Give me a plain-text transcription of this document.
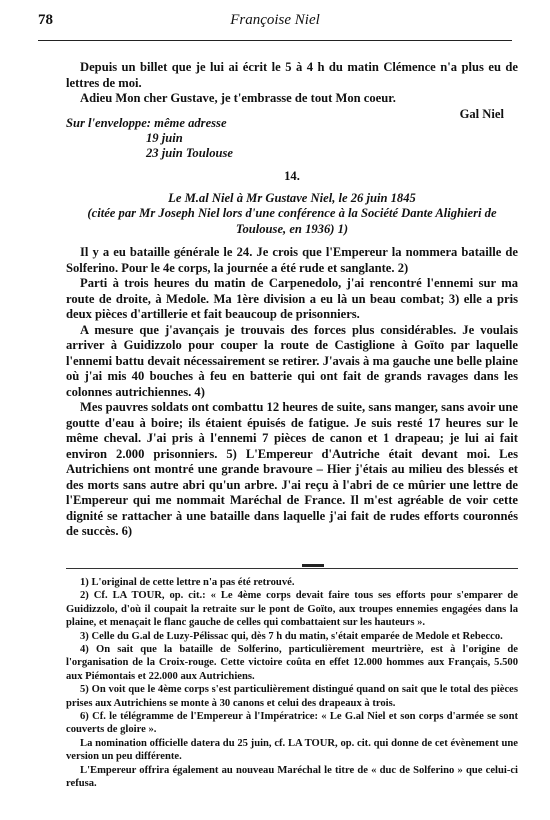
78	Françoise Niel

Depuis un billet que je lui ai écrit le 5 à 4 h du matin Clémence n'a plus eu de lettres de moi.

Adieu Mon cher Gustave, je t'embrasse de tout Mon coeur.

Gal Niel

Sur l'enveloppe: même adresse
19 juin
23 juin Toulouse

14.

Le M.al Niel à Mr Gustave Niel, le 26 juin 1845
(citée par Mr Joseph Niel lors d'une conférence à la Société Dante Alighieri de Toulouse, en 1936) 1)

Il y a eu bataille générale le 24. Je crois que l'Empereur la nommera bataille de Solferino. Pour le 4e corps, la journée a été rude et sanglante. 2)

Parti à trois heures du matin de Carpenedolo, j'ai rencontré l'ennemi sur ma route de droite, à Medole. Ma 1ère division a eu là un beau combat; 3) elle a pris deux pièces d'artillerie et fait beaucoup de prisonniers.

A mesure que j'avançais je trouvais des forces plus considérables. Je voulais arriver à Guidizzolo pour couper la route de Castiglione à Goïto par laquelle l'ennemi battu devait nécessairement se retirer. J'avais à ma gauche une belle plaine où j'ai mis 40 bouches à feu en batterie qui ont fait de grands ravages dans les colonnes autrichiennes. 4)

Mes pauvres soldats ont combattu 12 heures de suite, sans manger, sans avoir une goutte d'eau à boire; ils étaient épuisés de fatigue. Je suis resté 17 heures sur le même cheval. J'ai pris à l'ennemi 7 pièces de canon et 1 drapeau; je lui ai fait environ 2.000 prisonniers. 5) L'Empereur d'Autriche était devant moi. Les Autrichiens ont montré une grande bravoure – Hier j'étais au milieu des blessés et des morts sans autre abri qu'un arbre. J'ai reçu à l'abri de ce mûrier une lettre de l'Empereur qui me nommait Maréchal de France. Il m'est agréable de voir cette dignité se rattacher à une bataille dans laquelle j'ai fait de rudes efforts couronnés de succès. 6)

1) L'original de cette lettre n'a pas été retrouvé.

2) Cf. LA TOUR, op. cit.: « Le 4ème corps devait faire tous ses efforts pour s'emparer de Guidizzolo, d'où il coupait la retraite sur le pont de Goïto, aux troupes ennemies engagées dans la plaine, et menaçait le flanc gauche de celles qui combattaient sur les hauteurs ».

3) Celle du G.al de Luzy-Pélissac qui, dès 7 h du matin, s'était emparée de Medole et Rebecco.

4) On sait que la bataille de Solferino, particulièrement meurtrière, est à l'origine de l'organisation de la Croix-rouge. Cette victoire coûta en effet 12.000 hommes aux Français, 5.500 aux Piémontais et 22.000 aux Autrichiens.

5) On voit que le 4ème corps s'est particulièrement distingué quand on sait que le total des pièces prises aux Autrichiens se monte à 30 canons et celui des drapeaux à trois.

6) Cf. le télégramme de l'Empereur à l'Impératrice: « Le G.al Niel et son corps d'armée se sont couverts de gloire ».

La nomination officielle datera du 25 juin, cf. LA TOUR, op. cit. qui donne de cet évènement une version un peu différente.

L'Empereur offrira également au nouveau Maréchal le titre de « duc de Solferino » que celui-ci refusa.
